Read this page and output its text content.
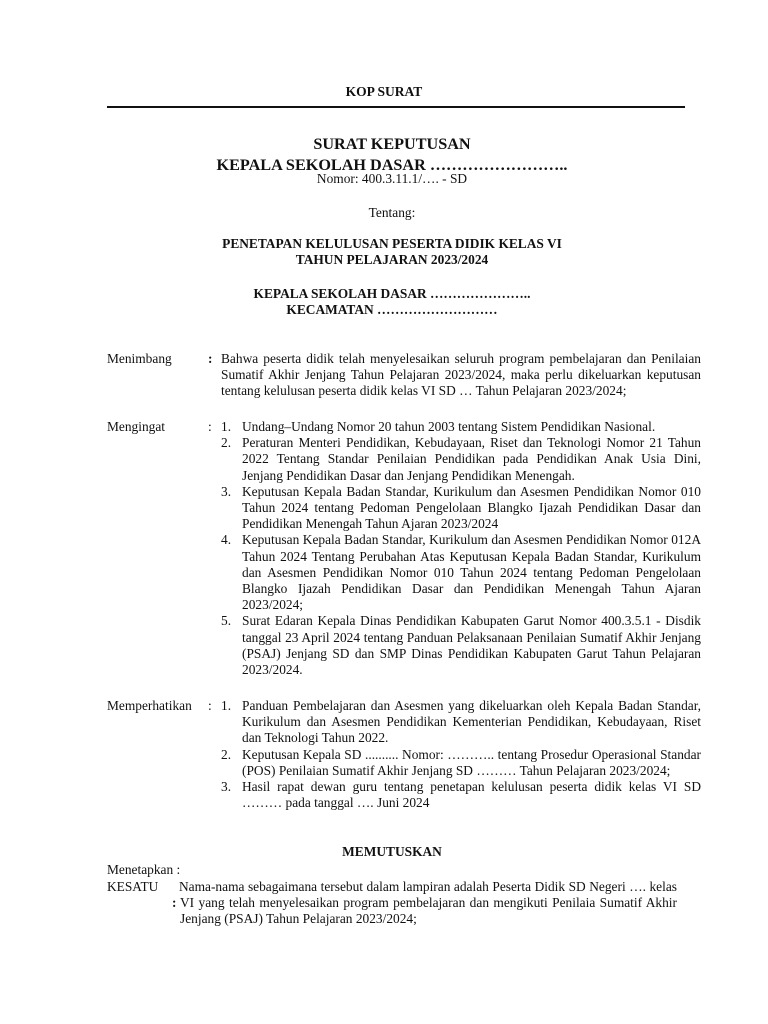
KOP SURAT
SURAT KEPUTUSAN
KEPALA SEKOLAH DASAR ……………………..
Nomor: 400.3.11.1/…. - SD
Tentang:
PENETAPAN KELULUSAN PESERTA DIDIK KELAS VI
TAHUN PELAJARAN 2023/2024
KEPALA SEKOLAH DASAR …………………..
KECAMATAN ………………………
Menimbang	: Bahwa peserta didik telah menyelesaikan seluruh program pembelajaran dan Penilaian Sumatif Akhir Jenjang Tahun Pelajaran 2023/2024, maka perlu dikeluarkan keputusan tentang kelulusan peserta didik kelas VI SD … Tahun Pelajaran 2023/2024;
Mengingat	: 1. Undang–Undang Nomor 20 tahun 2003 tentang Sistem Pendidikan Nasional.
2. Peraturan Menteri Pendidikan, Kebudayaan, Riset dan Teknologi Nomor 21 Tahun 2022 Tentang Standar Penilaian Pendidikan pada Pendidikan Anak Usia Dini, Jenjang Pendidikan Dasar dan Jenjang Pendidikan Menengah.
3. Keputusan Kepala Badan Standar, Kurikulum dan Asesmen Pendidikan Nomor 010 Tahun 2024 tentang Pedoman Pengelolaan Blangko Ijazah Pendidikan Dasar dan Pendidikan Menengah Tahun Ajaran 2023/2024
4. Keputusan Kepala Badan Standar, Kurikulum dan Asesmen Pendidikan Nomor 012A Tahun 2024 Tentang Perubahan Atas Keputusan Kepala Badan Standar, Kurikulum dan Asesmen Pendidikan Nomor 010 Tahun 2024 tentang Pedoman Pengelolaan Blangko Ijazah Pendidikan Dasar dan Pendidikan Menengah Tahun Ajaran 2023/2024;
5. Surat Edaran Kepala Dinas Pendidikan Kabupaten Garut Nomor 400.3.5.1 - Disdik tanggal 23 April 2024 tentang Panduan Pelaksanaan Penilaian Sumatif Akhir Jenjang (PSAJ) Jenjang SD dan SMP Dinas Pendidikan Kabupaten Garut Tahun Pelajaran 2023/2024.
Memperhatikan : 1. Panduan Pembelajaran dan Asesmen yang dikeluarkan oleh Kepala Badan Standar, Kurikulum dan Asesmen Pendidikan Kementerian Pendidikan, Kebudayaan, Riset dan Teknologi Tahun 2022.
2. Keputusan Kepala SD .......... Nomor: ……….. tentang Prosedur Operasional Standar (POS) Penilaian Sumatif Akhir Jenjang SD ……… Tahun Pelajaran 2023/2024;
3. Hasil rapat dewan guru tentang penetapan kelulusan peserta didik kelas VI SD ……… pada tanggal …. Juni 2024
MEMUTUSKAN
Menetapkan :
KESATU
:
Nama-nama sebagaimana tersebut dalam lampiran adalah Peserta Didik SD Negeri …. kelas VI yang telah menyelesaikan program pembelajaran dan mengikuti Penilaia Sumatif Akhir Jenjang (PSAJ) Tahun Pelajaran 2023/2024;
